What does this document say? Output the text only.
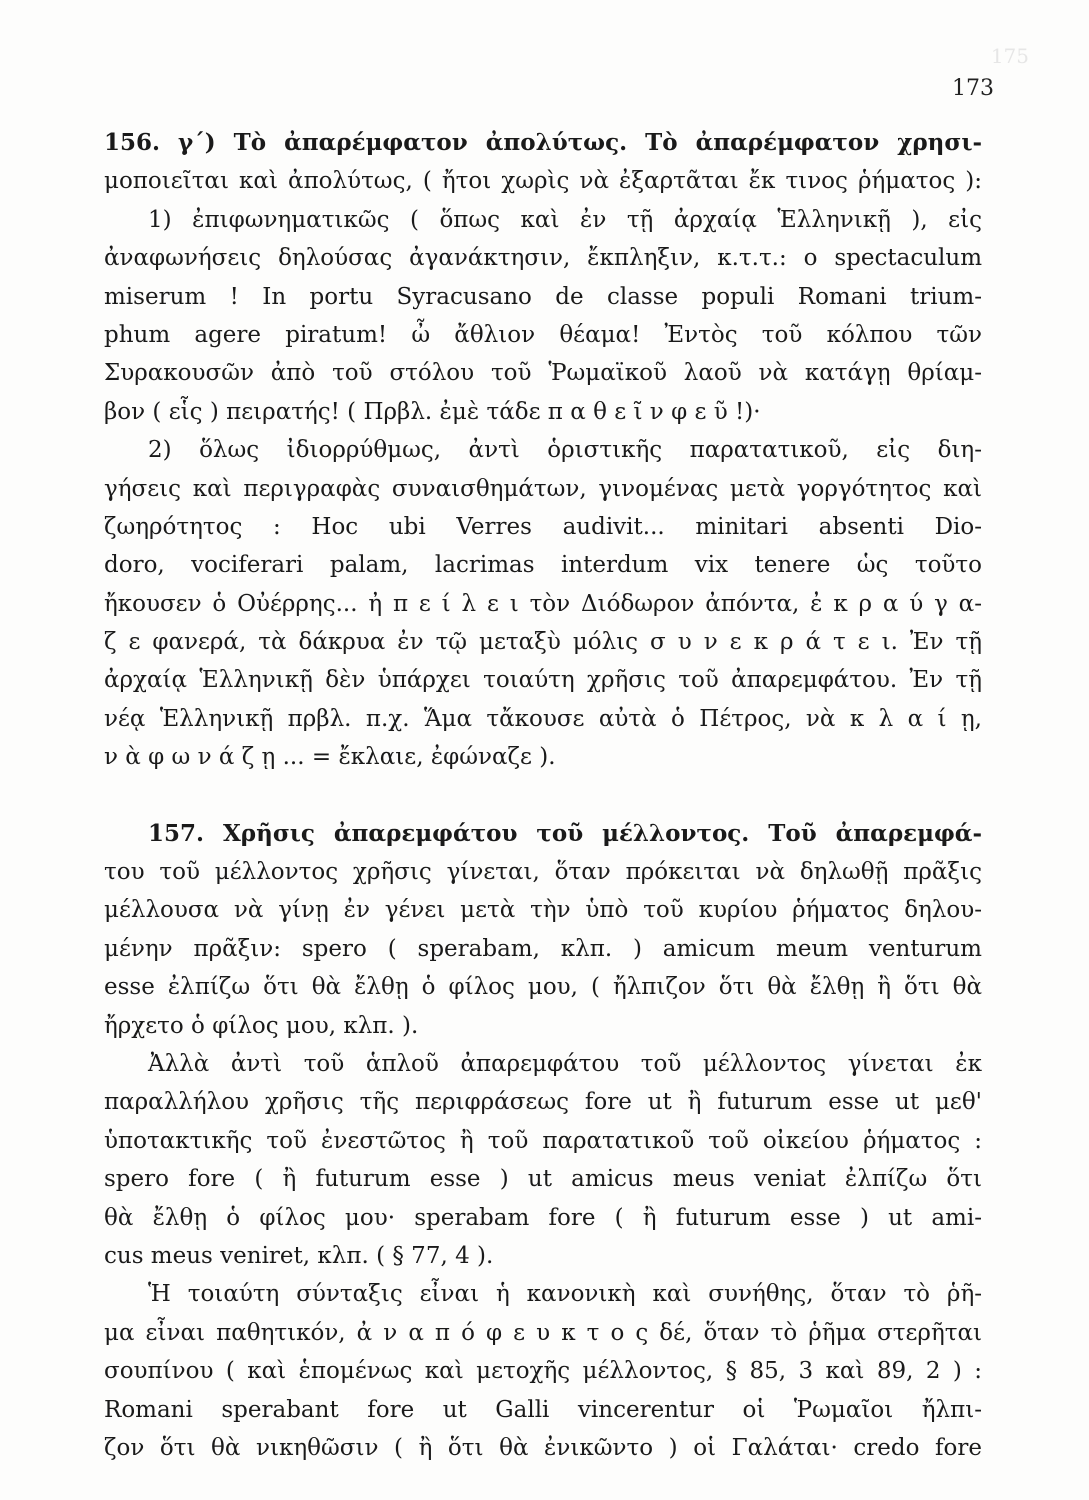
175
173
156. γ΄) Τὸ ἀπαρέμφατον ἀπολύτως. Τὸ ἀπαρέμφατον χρησι-
μοποιεῖται καὶ ἀπολύτως, ( ἤτοι χωρὶς νὰ ἐξαρτᾶται ἔκ τινος ῥήματος ):
1) ἐπιφωνηματικῶς ( ὅπως καὶ ἐν τῇ ἀρχαίᾳ Ἑλληνικῇ ), εἰς
ἀναφωνήσεις δηλούσας ἀγανάκτησιν, ἔκπληξιν, κ.τ.τ.: o spectaculum
miserum ! In portu Syracusano de classe populi Romani trium-
phum agere piratum! ὦ ἄθλιον θέαμα! Ἐντὸς τοῦ κόλπου τῶν
Συρακουσῶν ἀπὸ τοῦ στόλου τοῦ Ῥωμαϊκοῦ λαοῦ νὰ κατάγῃ θρίαμ-
βον ( εἷς ) πειρατής! ( Πρβλ. ἐμὲ τάδε π α θ ε ῖ ν φ ε ῦ !)·
2) ὅλως ἰδιορρύθμως, ἀντὶ ὁριστικῆς παρατατικοῦ, εἰς διη-
γήσεις καὶ περιγραφὰς συναισθημάτων, γινομένας μετὰ γοργότητος καὶ
ζωηρότητος : Hoc ubi Verres audivit... minitari absenti Dio-
doro, vociferari palam, lacrimas interdum vix tenere ὡς τοῦτο
ἤκουσεν ὁ Οὐέρρης... ἠ π ε ί λ ε ι τὸν Διόδωρον ἀπόντα, ἐ κ ρ α ύ γ α-
ζ ε φανερά, τὰ δάκρυα ἐν τῷ μεταξὺ μόλις σ υ ν ε κ ρ ά τ ε ι. Ἐν τῇ
ἀρχαίᾳ Ἑλληνικῇ δὲν ὑπάρχει τοιαύτη χρῆσις τοῦ ἀπαρεμφάτου. Ἐν τῇ
νέᾳ Ἑλληνικῇ πρβλ. π.χ. Ἅμα τἄκουσε αὐτὰ ὁ Πέτρος, νὰ κ λ α ί ῃ,
ν ὰ φ ω ν ά ζ ῃ ... = ἔκλαιε, ἐφώναζε ).
157. Χρῆσις ἀπαρεμφάτου τοῦ μέλλοντος. Τοῦ ἀπαρεμφά-
του τοῦ μέλλοντος χρῆσις γίνεται, ὅταν πρόκειται νὰ δηλωθῇ πρᾶξις
μέλλουσα νὰ γίνῃ ἐν γένει μετὰ τὴν ὑπὸ τοῦ κυρίου ῥήματος δηλου-
μένην πρᾶξιν: spero ( sperabam, κλπ. ) amicum meum venturum
esse ἐλπίζω ὅτι θὰ ἔλθῃ ὁ φίλος μου, ( ἤλπιζον ὅτι θὰ ἔλθῃ ἢ ὅτι θὰ
ἤρχετο ὁ φίλος μου, κλπ. ).
Ἀλλὰ ἀντὶ τοῦ ἁπλοῦ ἀπαρεμφάτου τοῦ μέλλοντος γίνεται ἐκ
παραλλήλου χρῆσις τῆς περιφράσεως fore ut ἢ futurum esse ut μεθ'
ὑποτακτικῆς τοῦ ἐνεστῶτος ἢ τοῦ παρατατικοῦ τοῦ οἰκείου ῥήματος :
spero fore ( ἢ futurum esse ) ut amicus meus veniat ἐλπίζω ὅτι
θὰ ἔλθῃ ὁ φίλος μου· sperabam fore ( ἢ futurum esse ) ut ami-
cus meus veniret, κλπ. ( § 77, 4 ).
Ἡ τοιαύτη σύνταξις εἶναι ἡ κανονικὴ καὶ συνήθης, ὅταν τὸ ῥῆ-
μα εἶναι παθητικόν, ἀ ν α π ό φ ε υ κ τ ο ς δέ, ὅταν τὸ ῥῆμα στερῆται
σουπίνου ( καὶ ἑπομένως καὶ μετοχῆς μέλλοντος, § 85, 3 καὶ 89, 2 ) :
Romani sperabant fore ut Galli vincerentur οἱ Ῥωμαῖοι ἤλπι-
ζον ὅτι θὰ νικηθῶσιν ( ἢ ὅτι θὰ ἐνικῶντο ) οἱ Γαλάται· credo fore
